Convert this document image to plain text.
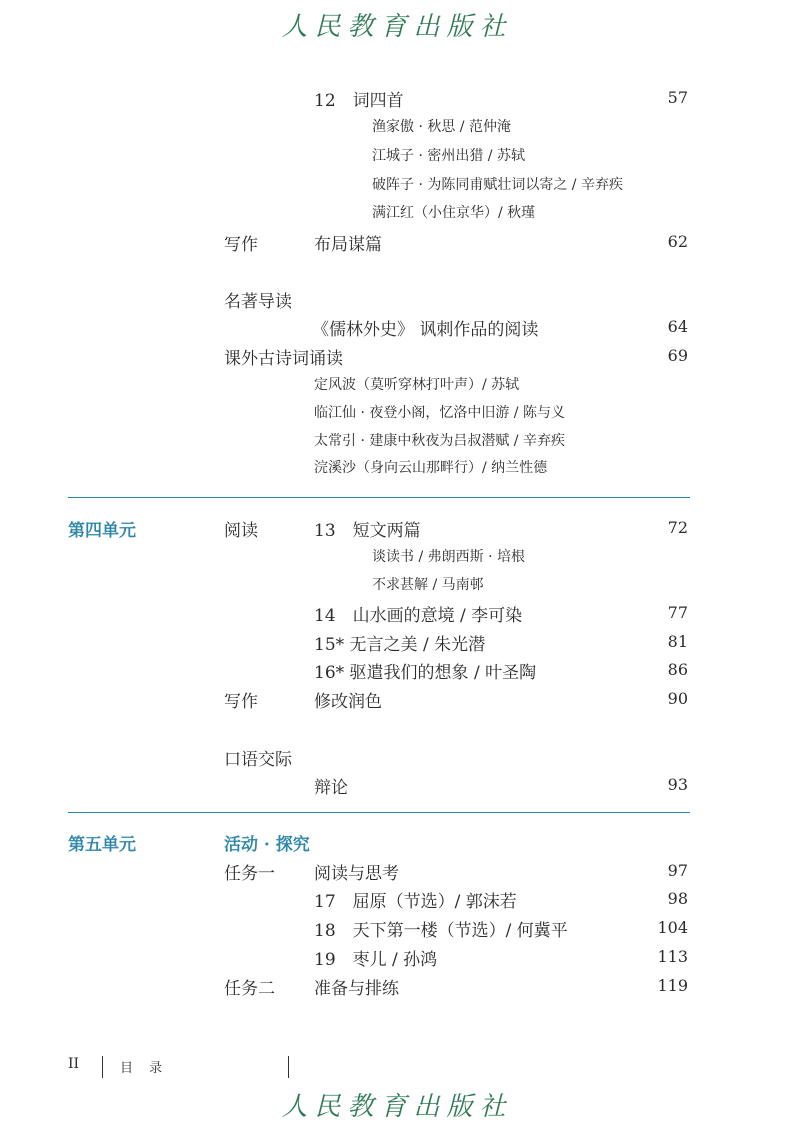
人民教育出版社
12　词四首	57
渔家傲 · 秋思 / 范仲淹
江城子 · 密州出猎 / 苏轼
破阵子 · 为陈同甫赋壮词以寄之 / 辛弃疾
满江红（小住京华）/ 秋瑾
写作	布局谋篇	62
名著导读
《儒林外史》 讽刺作品的阅读	64
课外古诗词诵读	69
定风波（莫听穿林打叶声）/ 苏轼
临江仙 · 夜登小阁，忆洛中旧游 / 陈与义
太常引 · 建康中秋夜为吕叔潜赋 / 辛弃疾
浣溪沙（身向云山那畔行）/ 纳兰性德
第四单元	阅读	13　短文两篇	72
谈读书 / 弗朗西斯 · 培根
不求甚解 / 马南邨
14　山水画的意境 / 李可染	77
15* 无言之美 / 朱光潜	81
16* 驱遣我们的想象 / 叶圣陶	86
写作	修改润色	90
口语交际
辩论	93
第五单元	活动 · 探究
任务一 阅读与思考	97
17　屈原（节选）/ 郭沫若	98
18　天下第一楼（节选）/ 何冀平	104
19　枣儿 / 孙鸿	113
任务二 准备与排练	119
II	目 录
人民教育出版社
